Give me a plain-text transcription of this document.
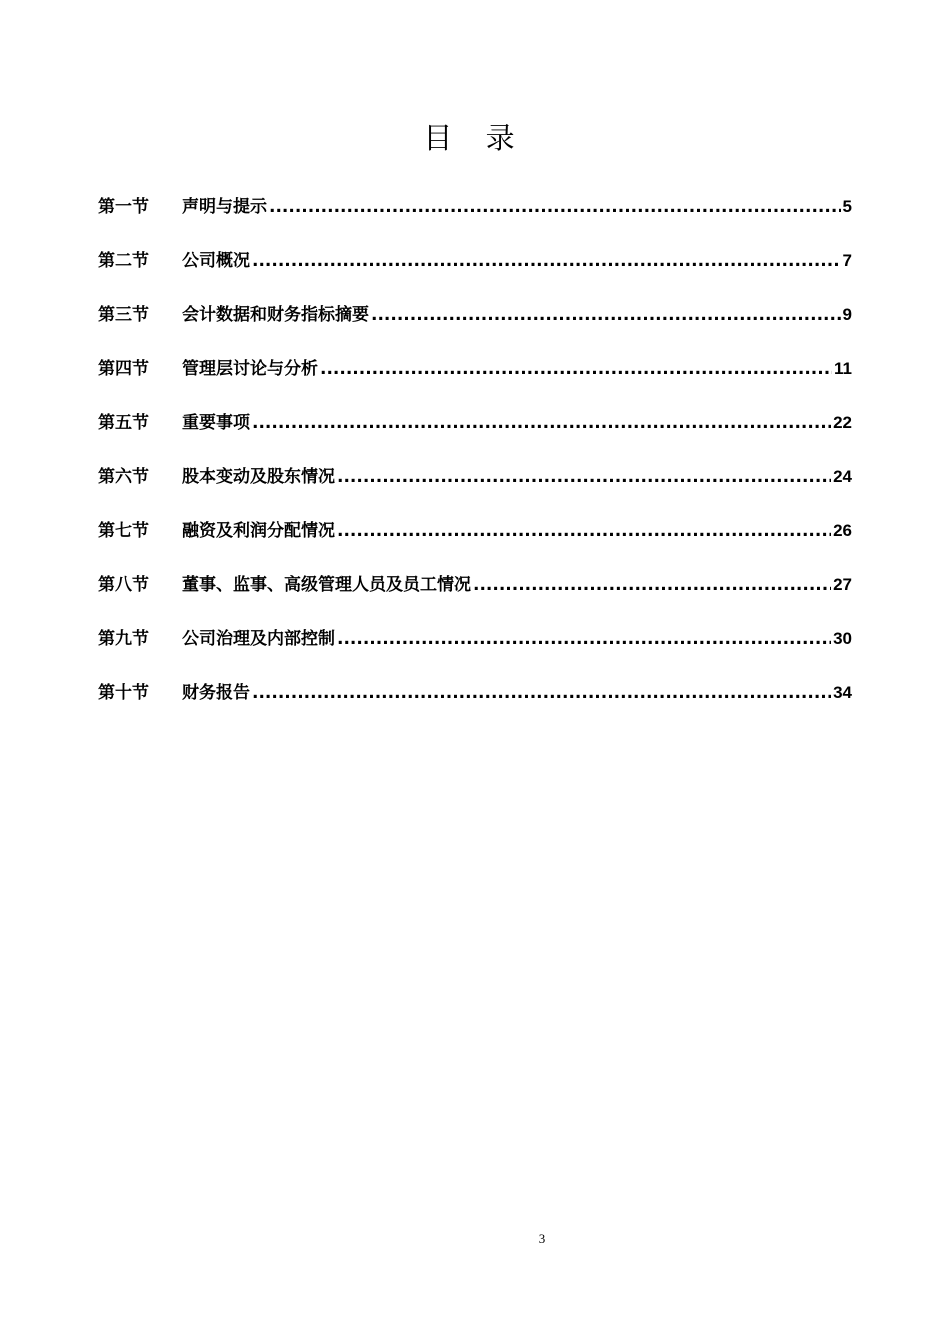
目 录
第一节	声明与提示 .....	5
第二节	公司概况 .....	7
第三节	会计数据和财务指标摘要 .....	9
第四节	管理层讨论与分析 .....	11
第五节	重要事项 .....	22
第六节	股本变动及股东情况 .....	24
第七节	融资及利润分配情况 .....	26
第八节	董事、监事、高级管理人员及员工情况 .....	27
第九节	公司治理及内部控制 .....	30
第十节	财务报告 .....	34
3
